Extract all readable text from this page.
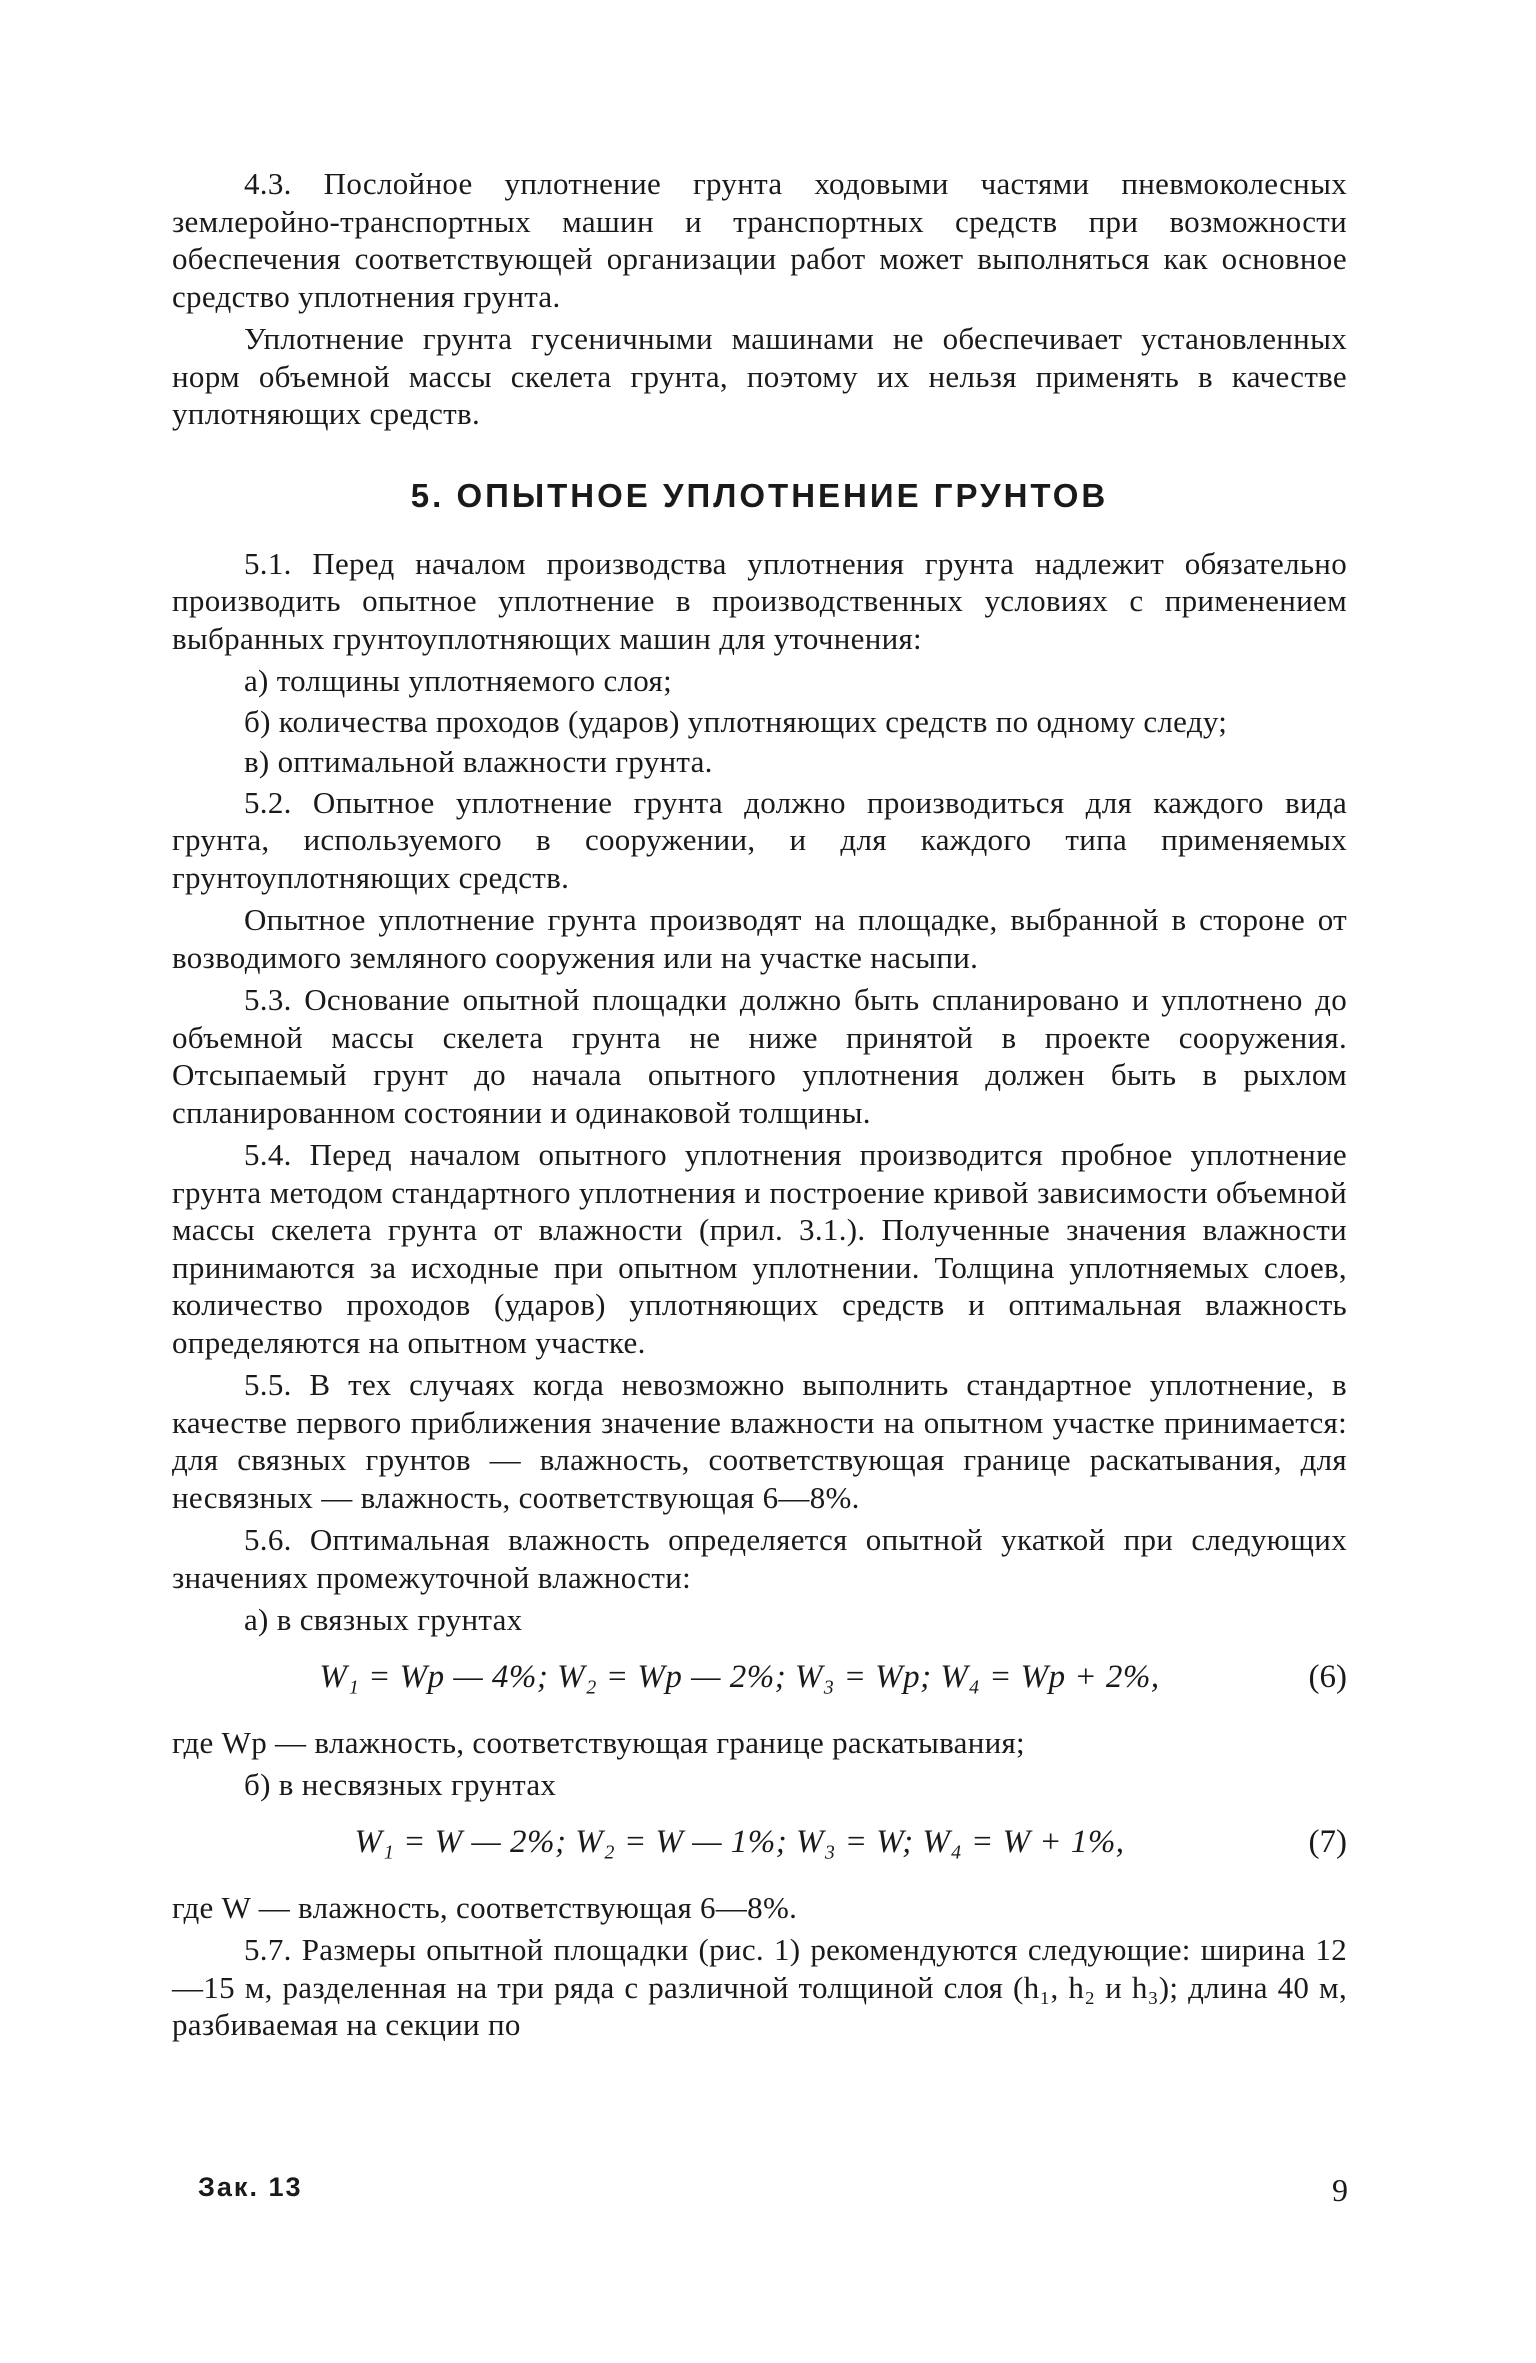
4.3. Послойное уплотнение грунта ходовыми частями пневмоколесных землеройно-транспортных машин и транспортных средств при возможности обеспечения соответствующей организации работ может выполняться как основное средство уплотнения грунта.

Уплотнение грунта гусеничными машинами не обеспечивает установленных норм объемной массы скелета грунта, поэтому их нельзя применять в качестве уплотняющих средств.

5. ОПЫТНОЕ УПЛОТНЕНИЕ ГРУНТОВ

5.1. Перед началом производства уплотнения грунта надлежит обязательно производить опытное уплотнение в производственных условиях с применением выбранных грунтоуплотняющих машин для уточнения:

а) толщины уплотняемого слоя;

б) количества проходов (ударов) уплотняющих средств по одному следу;

в) оптимальной влажности грунта.

5.2. Опытное уплотнение грунта должно производиться для каждого вида грунта, используемого в сооружении, и для каждого типа применяемых грунтоуплотняющих средств.

Опытное уплотнение грунта производят на площадке, выбранной в стороне от возводимого земляного сооружения или на участке насыпи.

5.3. Основание опытной площадки должно быть спланировано и уплотнено до объемной массы скелета грунта не ниже принятой в проекте сооружения. Отсыпаемый грунт до начала опытного уплотнения должен быть в рыхлом спланированном состоянии и одинаковой толщины.

5.4. Перед началом опытного уплотнения производится пробное уплотнение грунта методом стандартного уплотнения и построение кривой зависимости объемной массы скелета грунта от влажности (прил. 3.1.). Полученные значения влажности принимаются за исходные при опытном уплотнении. Толщина уплотняемых слоев, количество проходов (ударов) уплотняющих средств и оптимальная влажность определяются на опытном участке.

5.5. В тех случаях когда невозможно выполнить стандартное уплотнение, в качестве первого приближения значение влажности на опытном участке принимается: для связных грунтов — влажность, соответствующая границе раскатывания, для несвязных — влажность, соответствующая 6—8%.

5.6. Оптимальная влажность определяется опытной укаткой при следующих значениях промежуточной влажности:

а) в связных грунтах

W₁ = Wр — 4%; W₂ = Wр — 2%; W₃ = Wр; W₄ = Wр + 2%,	(6)

где Wр — влажность, соответствующая границе раскатывания;

б) в несвязных грунтах

W₁ = W — 2%; W₂ = W — 1%; W₃ = W; W₄ = W + 1%,	(7)

где W — влажность, соответствующая 6—8%.

5.7. Размеры опытной площадки (рис. 1) рекомендуются следующие: ширина 12—15 м, разделенная на три ряда с различной толщиной слоя (h₁, h₂ и h₃); длина 40 м, разбиваемая на секции по

Зак. 13	9
